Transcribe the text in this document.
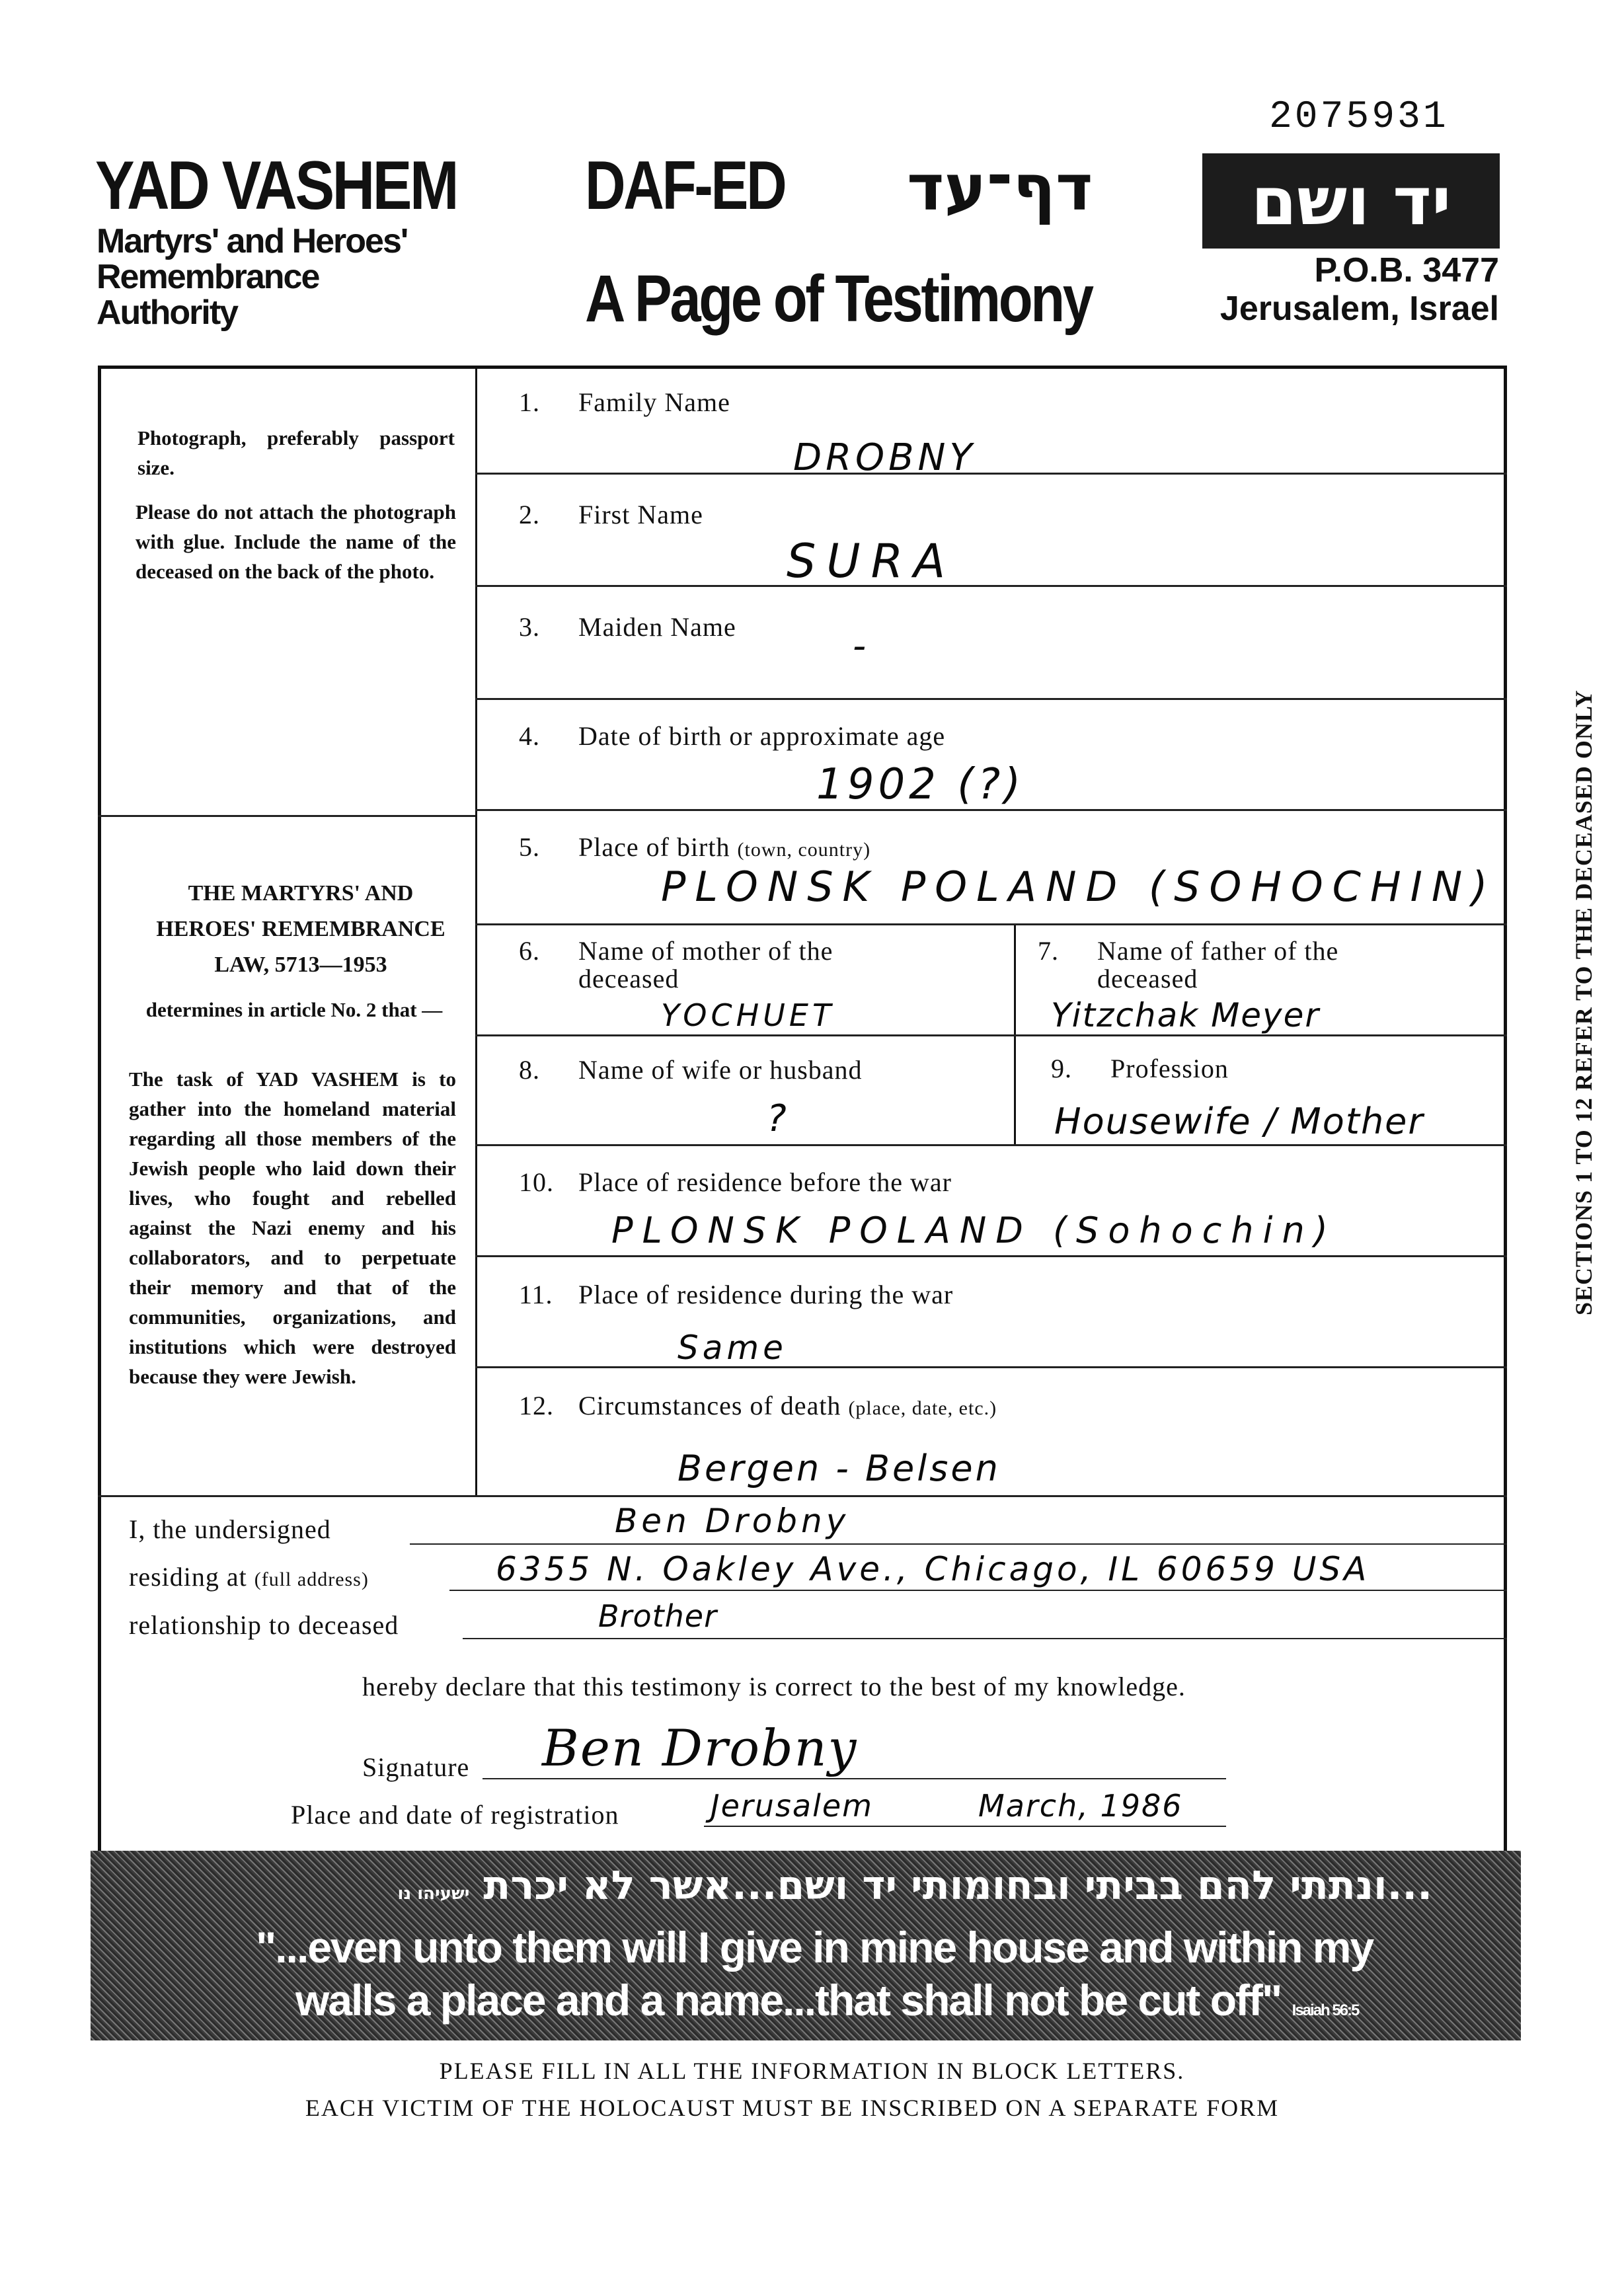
2075931
YAD VASHEM
Martyrs' and Heroes'
Remembrance
Authority
DAF-ED דף־עד	יד ושם
P.O.B. 3477
Jerusalem, Israel
A Page of Testimony
Photograph, preferably passport size.
Please do not attach the photograph with glue. Include the name of the deceased on the back of the photo.
THE MARTYRS' AND HEROES' REMEMBRANCE LAW, 5713—1953
determines in article No. 2 that —
The task of YAD VASHEM is to gather into the homeland material regarding all those members of the Jewish people who laid down their lives, who fought and rebelled against the Nazi enemy and his collaborators, and to perpetuate their memory and that of the communities, organizations, and institutions which were destroyed because they were Jewish.
1. Family Name
DROBNY
2. First Name
SURA
3. Maiden Name	-
4. Date of birth or approximate age
1902 (?)
5. Place of birth (town, country)
PLONSK POLAND (SOHOCHIN)
6. Name of mother of the deceased
YOCHUET
7. Name of father of the deceased
Yitzchak Meyer
8. Name of wife or husband
?
9. Profession
Housewife / Mother
10. Place of residence before the war
PLONSK POLAND (Sohochin)
11. Place of residence during the war
Same
12. Circumstances of death (place, date, etc.)
Bergen - Belsen
I, the undersigned	Ben Drobny
residing at (full address)	6355 N. Oakley Ave., Chicago, IL 60659 USA
relationship to deceased	Brother
hereby declare that this testimony is correct to the best of my knowledge.
Signature Ben Drobny
Place and date of registration	Jerusalem	March, 1986
SECTIONS 1 TO 12 REFER TO THE DECEASED ONLY
...ונתתי להם בביתי ובחומותי יד ושם...אשר לא יכרת ישעיהו נו
"...even unto them will I give in mine house and within my
walls a place and a name...that shall not be cut off" Isaiah 56:5
PLEASE FILL IN ALL THE INFORMATION IN BLOCK LETTERS.
EACH VICTIM OF THE HOLOCAUST MUST BE INSCRIBED ON A SEPARATE FORM
